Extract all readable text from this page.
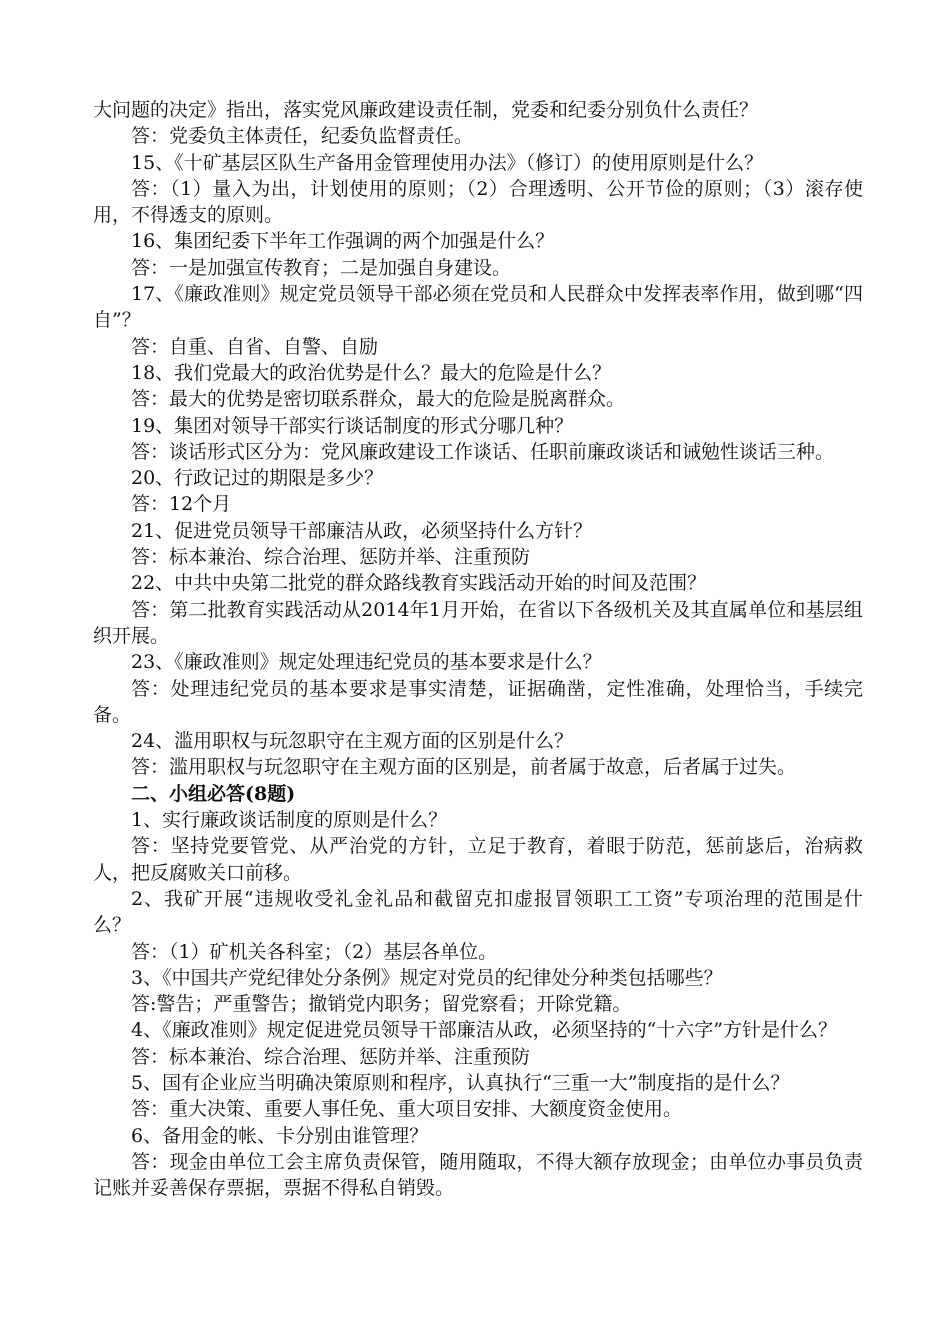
大问题的决定》指出，落实党风廉政建设责任制，党委和纪委分别负什么责任？

答：党委负主体责任，纪委负监督责任。

15、《十矿基层区队生产备用金管理使用办法》（修订）的使用原则是什么？

答：（1）量入为出，计划使用的原则；（2）合理透明、公开节俭的原则；（3）滚存使用，不得透支的原则。

16、集团纪委下半年工作强调的两个加强是什么？

答：一是加强宣传教育；二是加强自身建设。

17、《廉政准则》规定党员领导干部必须在党员和人民群众中发挥表率作用，做到哪“四自”？

答：自重、自省、自警、自励

18、我们党最大的政治优势是什么？最大的危险是什么？

答：最大的优势是密切联系群众，最大的危险是脱离群众。

19、集团对领导干部实行谈话制度的形式分哪几种？

答：谈话形式区分为：党风廉政建设工作谈话、任职前廉政谈话和诫勉性谈话三种。

20、行政记过的期限是多少？

答：12个月

21、促进党员领导干部廉洁从政，必须坚持什么方针？

答：标本兼治、综合治理、惩防并举、注重预防

22、中共中央第二批党的群众路线教育实践活动开始的时间及范围？

答：第二批教育实践活动从2014年1月开始，在省以下各级机关及其直属单位和基层组织开展。

23、《廉政准则》规定处理违纪党员的基本要求是什么？

答：处理违纪党员的基本要求是事实清楚，证据确凿，定性准确，处理恰当，手续完备。

24、滥用职权与玩忽职守在主观方面的区别是什么？

答：滥用职权与玩忽职守在主观方面的区别是，前者属于故意，后者属于过失。

二、小组必答(8题)

1、实行廉政谈话制度的原则是什么？

答：坚持党要管党、从严治党的方针，立足于教育，着眼于防范，惩前毖后，治病救人，把反腐败关口前移。

2、我矿开展“违规收受礼金礼品和截留克扣虚报冒领职工工资”专项治理的范围是什么？

答：（1）矿机关各科室；（2）基层各单位。

3、《中国共产党纪律处分条例》规定对党员的纪律处分种类包括哪些？

答:警告；严重警告；撤销党内职务；留党察看；开除党籍。

4、《廉政准则》规定促进党员领导干部廉洁从政，必须坚持的“十六字”方针是什么？

答：标本兼治、综合治理、惩防并举、注重预防

5、国有企业应当明确决策原则和程序，认真执行“三重一大”制度指的是什么？

答：重大决策、重要人事任免、重大项目安排、大额度资金使用。

6、备用金的帐、卡分别由谁管理？

答：现金由单位工会主席负责保管，随用随取，不得大额存放现金；由单位办事员负责记账并妥善保存票据，票据不得私自销毁。
